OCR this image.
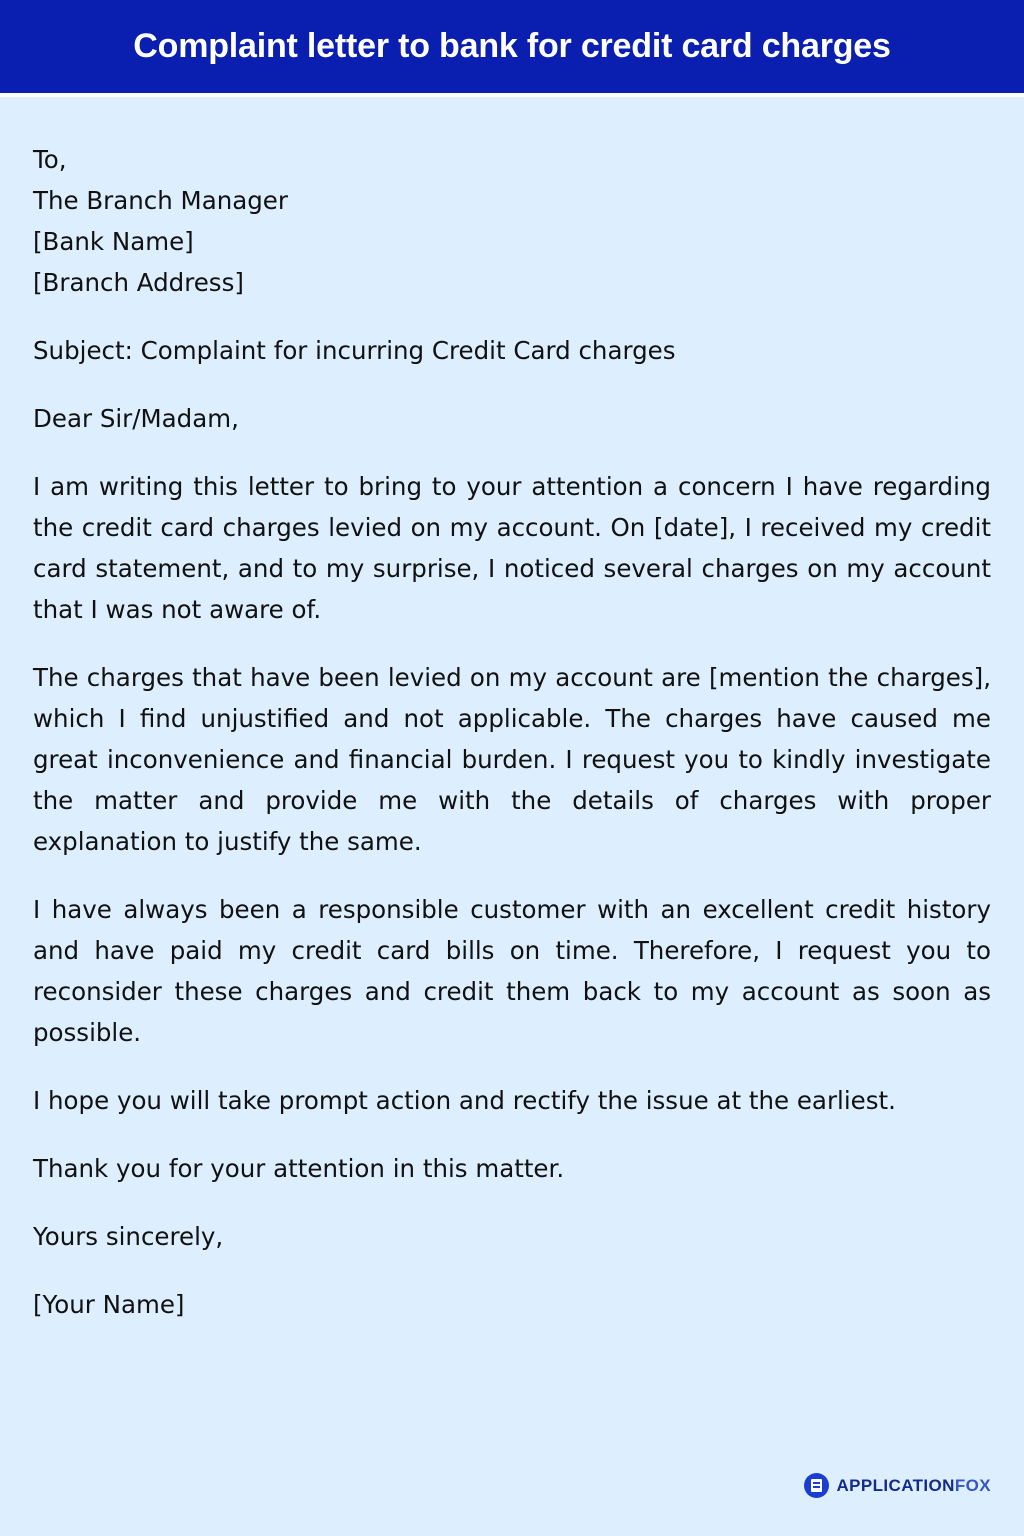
Complaint letter to bank for credit card charges
To,
The Branch Manager
[Bank Name]
[Branch Address]
Subject: Complaint for incurring Credit Card charges
Dear Sir/Madam,
I am writing this letter to bring to your attention a concern I have regarding the credit card charges levied on my account. On [date], I received my credit card statement, and to my surprise, I noticed several charges on my account that I was not aware of.
The charges that have been levied on my account are [mention the charges], which I find unjustified and not applicable. The charges have caused me great inconvenience and financial burden. I request you to kindly investigate the matter and provide me with the details of charges with proper explanation to justify the same.
I have always been a responsible customer with an excellent credit history and have paid my credit card bills on time. Therefore, I request you to reconsider these charges and credit them back to my account as soon as possible.
I hope you will take prompt action and rectify the issue at the earliest.
Thank you for your attention in this matter.
Yours sincerely,
[Your Name]
APPLICATIONFOX
